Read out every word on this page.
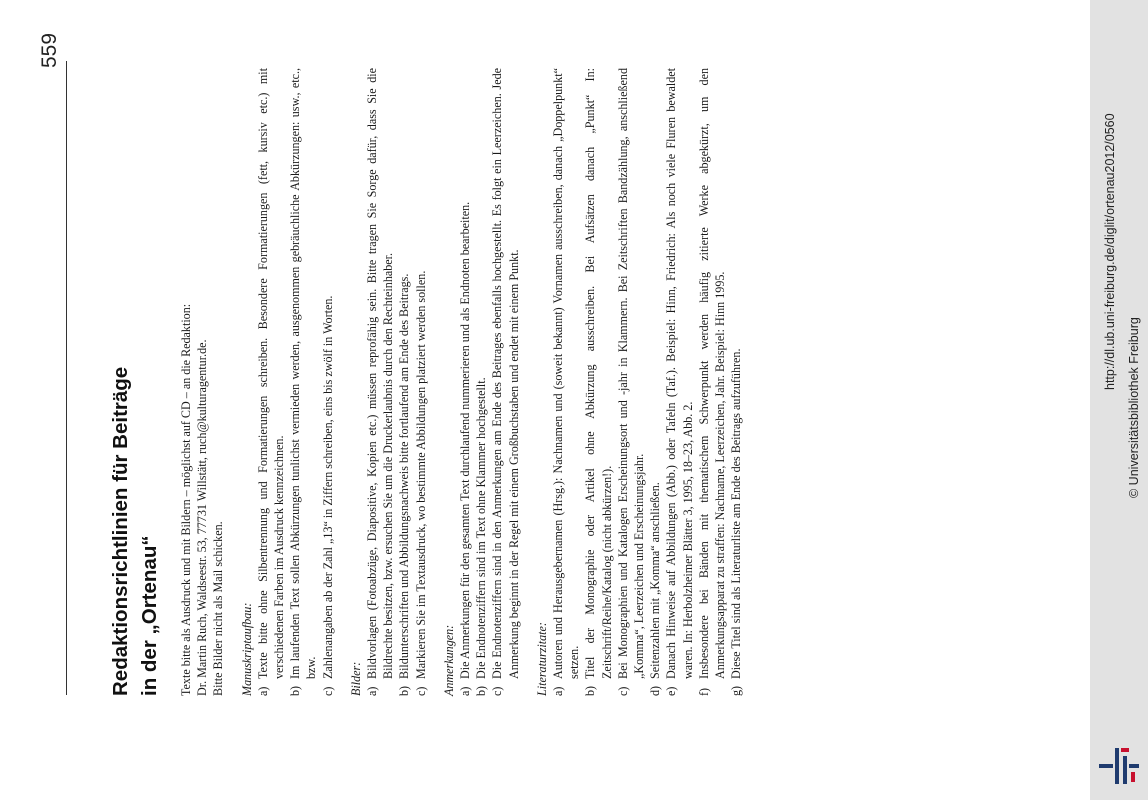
559
Redaktionsrichtlinien für Beiträge in der „Ortenau“ Texte bitte als Ausdruck und mit Bildern – möglichst auf CD – an die Redaktion: Dr. Martin Ruch, Waldseestr. 53, 77731 Willstätt, ruch@kulturagentur.de. Bitte Bilder nicht als Mail schicken. Manuskriptaufbau: a)
Texte bitte ohne Silbentrennung und Formatierungen schreiben. Besondere Formatierungen (fett, kursiv etc.) mit verschiedenen Farben im Ausdruck kennzeichnen.
b)
Im laufenden Text sollen Abkürzungen tunlichst vermieden werden, ausgenommen gebräuchliche Abkürzungen: usw., etc., bzw.
c)
Zahlenangaben ab der Zahl „13“ in Ziffern schreiben, eins bis zwölf in Worten. Bilder: a)
Bildvorlagen (Fotoabzüge, Diapositive, Kopien etc.) müssen reprofähig sein. Bitte tragen Sie Sorge dafür, dass Sie die Bildrechte besitzen, bzw. ersuchen Sie um die Druckerlaubnis durch den Rechteinhaber.
b)
Bildunterschriften und Abbildungsnachweis bitte fortlaufend am Ende des Beitrags.
c)
Markieren Sie im Textausdruck, wo bestimmte Abbildungen platziert werden sollen. Anmerkungen: a)
Die Anmerkungen für den gesamten Text durchlaufend nummerieren und als Endnoten bearbeiten.
b)
Die Endnotenziffern sind im Text ohne Klammer hochgestellt.
c)
Die Endnotenziffern sind in den Anmerkungen am Ende des Beitrages ebenfalls hochgestellt. Es folgt ein Leerzeichen. Jede Anmerkung beginnt in der Regel mit einem Großbuchstaben und endet mit einem Punkt. Literaturzitate: a)
Autoren und Herausgebernamen (Hrsg.): Nachnamen und (soweit bekannt) Vornamen ausschreiben, danach „Doppelpunkt“ setzen.
b)
Titel der Monographie oder Artikel ohne Abkürzung ausschreiben. Bei Aufsätzen danach „Punkt“ In: Zeitschrift/Reihe/Katalog (nicht abkürzen!).
c)
Bei Monographien und Katalogen Erscheinungsort und -jahr in Klammern. Bei Zeitschriften Bandzählung, anschließend „Komma“, Leerzeichen und Erscheinungsjahr.
d)
Seitenzahlen mit „Komma“ anschließen.
e)
Danach Hinweise auf Abbildungen (Abb.) oder Tafeln (Taf.). Beispiel: Hinn, Friedrich: Als noch viele Fluren bewaldet waren. In: Herbolzheimer Blätter 3, 1995, 18–23, Abb. 2.
f)
Insbesondere bei Bänden mit thematischem Schwerpunkt werden häufig zitierte Werke abgekürzt, um den Anmerkungsapparat zu straffen: Nachname, Leerzeichen, Jahr. Beispiel: Hinn 1995.
g)
Diese Titel sind als Literaturliste am Ende des Beitrags aufzuführen.
http://dl.ub.uni-freiburg.de/diglit/ortenau2012/0560
© Universitätsbibliothek Freiburg
